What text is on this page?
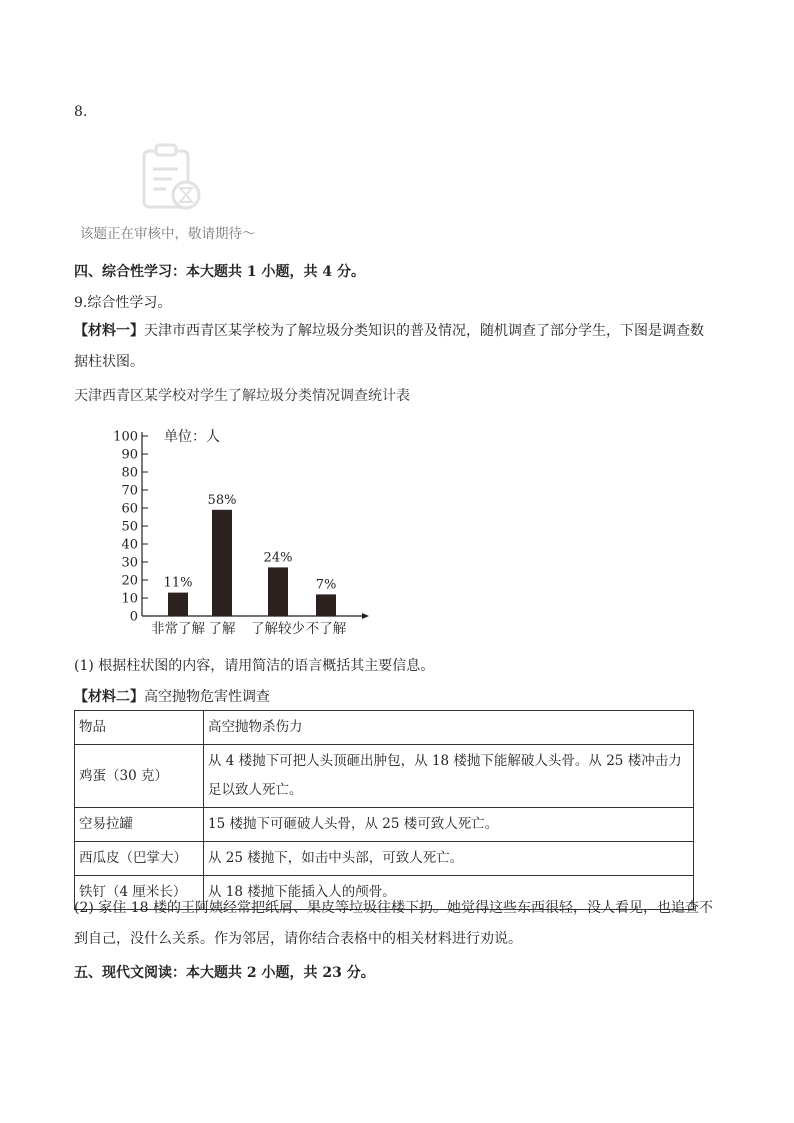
8.
该题正在审核中，敬请期待～
四、综合性学习：本大题共 1 小题，共 4 分。
9.综合性学习。
【材料一】天津市西青区某学校为了解垃圾分类知识的普及情况，随机调查了部分学生，下图是调查数据柱状图。
天津西青区某学校对学生了解垃圾分类情况调查统计表
0
10
20
30
40
50
60
70
80
90
100 单位：人
11%
非常了解
58%
了解
24%
了解较少
7%
不了解
(1) 根据柱状图的内容，请用简洁的语言概括其主要信息。
【材料二】高空抛物危害性调查
物品	高空抛物杀伤力
鸡蛋（30 克）	从 4 楼抛下可把人头顶砸出肿包，从 18 楼抛下能解破人头骨。从 25 楼冲击力足以致人死亡。
空易拉罐	15 楼抛下可砸破人头骨，从 25 楼可致人死亡。
西瓜皮（巴掌大）	从 25 楼抛下，如击中头部，可致人死亡。
铁钉（4 厘米长）	从 18 楼抛下能插入人的颅骨。
(2) 家住 18 楼的王阿姨经常把纸屑、果皮等垃圾往楼下扔。她觉得这些东西很轻，没人看见，也追查不到自己，没什么关系。作为邻居，请你结合表格中的相关材料进行劝说。
五、现代文阅读：本大题共 2 小题，共 23 分。
